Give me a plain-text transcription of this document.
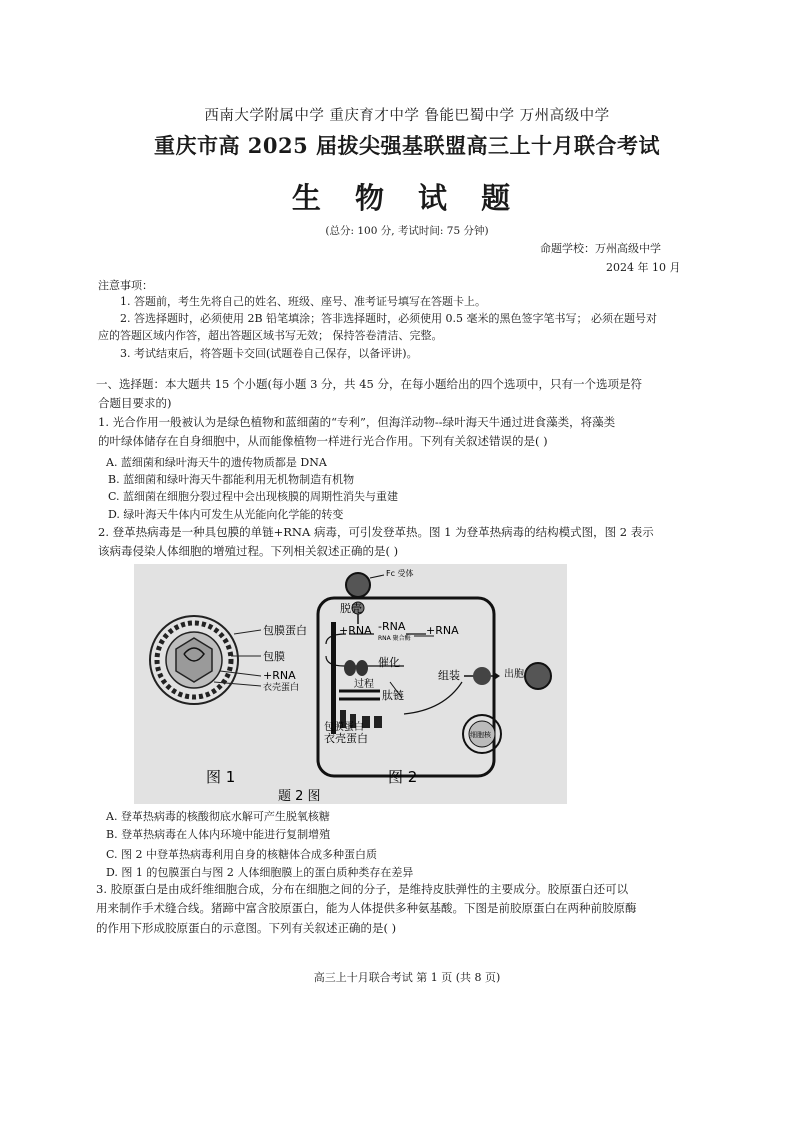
西南大学附属中学 重庆育才中学 鲁能巴蜀中学 万州高级中学
重庆市高 2025 届拔尖强基联盟高三上十月联合考试
生 物 试 题
(总分: 100 分, 考试时间: 75 分钟)
命题学校：万州高级中学
2024 年 10 月
注意事项：
1. 答题前，考生先将自己的姓名、班级、座号、准考证号填写在答题卡上。
2. 答选择题时，必须使用 2B 铅笔填涂；答非选择题时，必须使用 0.5 毫米的黑色签字笔书写； 必须在题号对
应的答题区域内作答，超出答题区域书写无效； 保持答卷清洁、完整。
3. 考试结束后，将答题卡交回(试题卷自己保存，以备评讲)。
一、选择题：本大题共 15 个小题(每小题 3 分，共 45 分，在每小题给出的四个选项中，只有一个选项是符
合题目要求的)
1. 光合作用一般被认为是绿色植物和蓝细菌的“专利”，但海洋动物--绿叶海天牛通过进食藻类，将藻类
的叶绿体储存在自身细胞中，从而能像植物一样进行光合作用。下列有关叙述错误的是( )
A. 蓝细菌和绿叶海天牛的遗传物质都是 DNA
B. 蓝细菌和绿叶海天牛都能利用无机物制造有机物
C. 蓝细菌在细胞分裂过程中会出现核膜的周期性消失与重建
D. 绿叶海天牛体内可发生从光能向化学能的转变
2. 登革热病毒是一种具包膜的单链+RNA 病毒，可引发登革热。图 1 为登革热病毒的结构模式图，图 2 表示
该病毒侵染人体细胞的增殖过程。下列相关叙述正确的是( )
包膜蛋白
包膜
+RNA
衣壳蛋白
Fc 受体
脱壳
+RNA -RNA
RNA 聚合酶
+RNA
催化
过程
肽链
包膜蛋白
衣壳蛋白
组装	出胞
细胞核
图 1	图 2
题 2 图
A. 登革热病毒的核酸彻底水解可产生脱氧核糖
B. 登革热病毒在人体内环境中能进行复制增殖
C. 图 2 中登革热病毒利用自身的核糖体合成多种蛋白质
D. 图 1 的包膜蛋白与图 2 人体细胞膜上的蛋白质种类存在差异
3. 胶原蛋白是由成纤维细胞合成，分布在细胞之间的分子，是维持皮肤弹性的主要成分。胶原蛋白还可以
用来制作手术缝合线。猪蹄中富含胶原蛋白，能为人体提供多种氨基酸。下图是前胶原蛋白在两种前胶原酶
的作用下形成胶原蛋白的示意图。下列有关叙述正确的是( )
高三上十月联合考试 第 1 页 (共 8 页)
